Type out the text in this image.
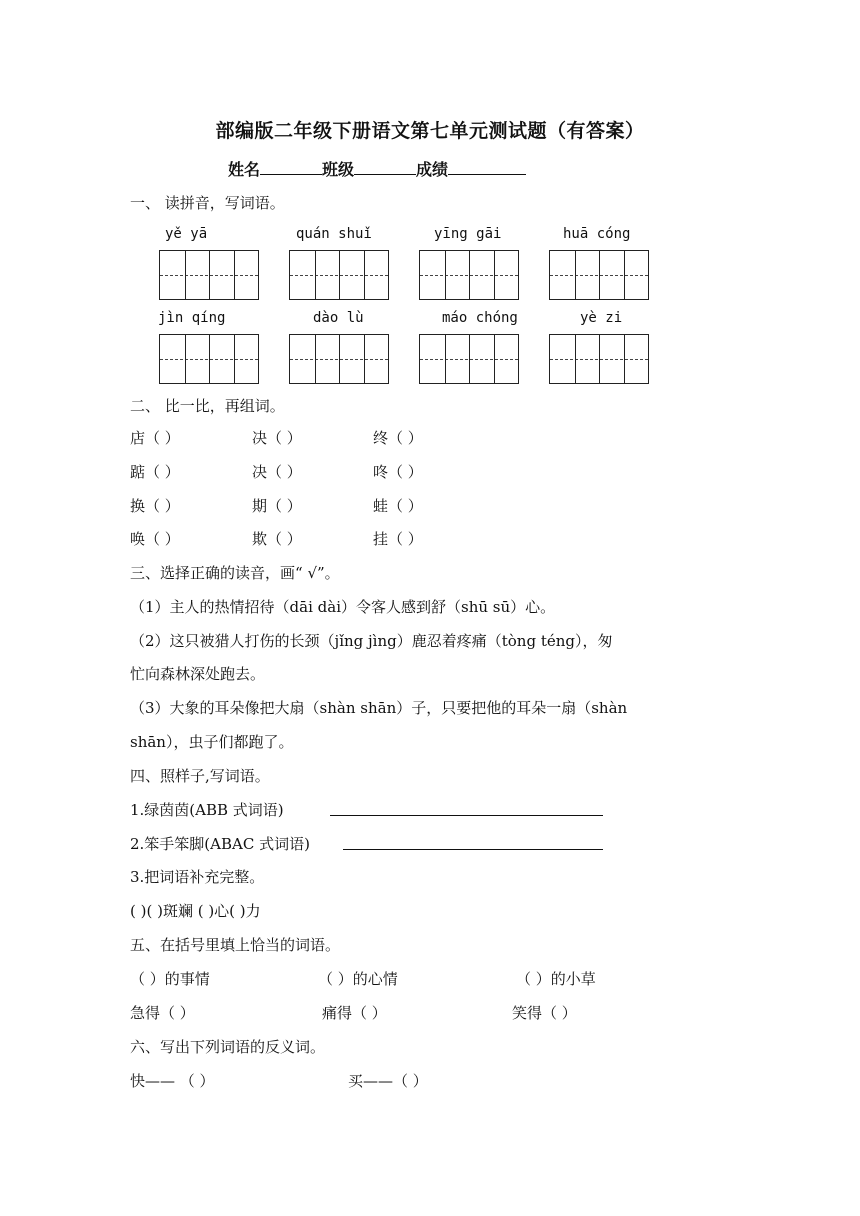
部编版二年级下册语文第七单元测试题（有答案）
姓名	班级	成绩
一、 读拼音，写词语。
yě yā	quán shuǐ	yīng gāi	huā cóng
jìn qíng	dào lù	máo chóng	yè zi
二、 比一比，再组词。
店（ ）	决（ ）	终（ ）
踮（ ）	决（ ）	咚（ ）
换（ ）	期（ ）	蛙（ ）
唤（ ）	欺（ ）	挂（ ）
三、选择正确的读音，画“ √”。
（1）主人的热情招待（dāi dài）令客人感到舒（shū sū）心。
（2）这只被猎人打伤的长颈（jǐng jìng）鹿忍着疼痛（tòng téng），匆
忙向森林深处跑去。
（3）大象的耳朵像把大扇（shàn shān）子，只要把他的耳朵一扇（shàn
shān），虫子们都跑了。
四、照样子,写词语。
1.绿茵茵(ABB 式词语)
2.笨手笨脚(ABAC 式词语)
3.把词语补充完整。
( )( )斑斓 ( )心( )力
五、在括号里填上恰当的词语。
（ ）的事情	（ ）的心情	（ ）的小草
急得（ ）	痛得（ ）	笑得（ ）
六、写出下列词语的反义词。
快—— （ ）	买——（ ）
